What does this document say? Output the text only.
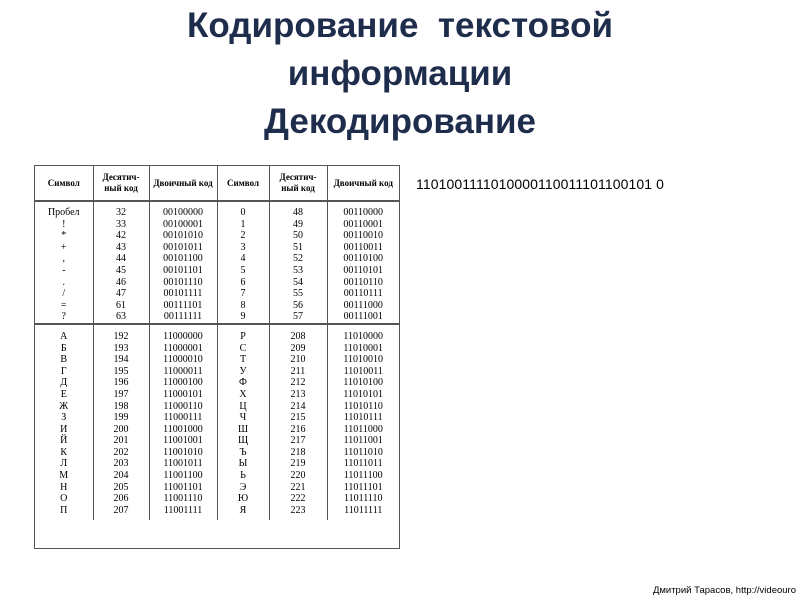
Кодирование  текстовой
информации
Декодирование
Символ	Десятич-ный код	Двоичный код	Символ	Десятич-ный код	Двоичный код
Пробел	32	00100000	0	48	00110000
!	33	00100001	1	49	00110001
*	42	00101010	2	50	00110010
+	43	00101011	3	51	00110011
,	44	00101100	4	52	00110100
-	45	00101101	5	53	00110101
.	46	00101110	6	54	00110110
/	47	00101111	7	55	00110111
=	61	00111101	8	56	00111000
?	63	00111111	9	57	00111001
А	192	11000000	Р	208	11010000
Б	193	11000001	С	209	11010001
В	194	11000010	Т	210	11010010
Г	195	11000011	У	211	11010011
Д	196	11000100	Ф	212	11010100
Е	197	11000101	Х	213	11010101
Ж	198	11000110	Ц	214	11010110
З	199	11000111	Ч	215	11010111
И	200	11001000	Ш	216	11011000
Й	201	11001001	Щ	217	11011001
К	202	11001010	Ъ	218	11011010
Л	203	11001011	Ы	219	11011011
М	204	11001100	Ь	220	11011100
Н	205	11001101	Э	221	11011101
О	206	11001110	Ю	222	11011110
П	207	11001111	Я	223	11011111
1101001111010000110011101100101 0
Дмитрий Тарасов, http://videouro
